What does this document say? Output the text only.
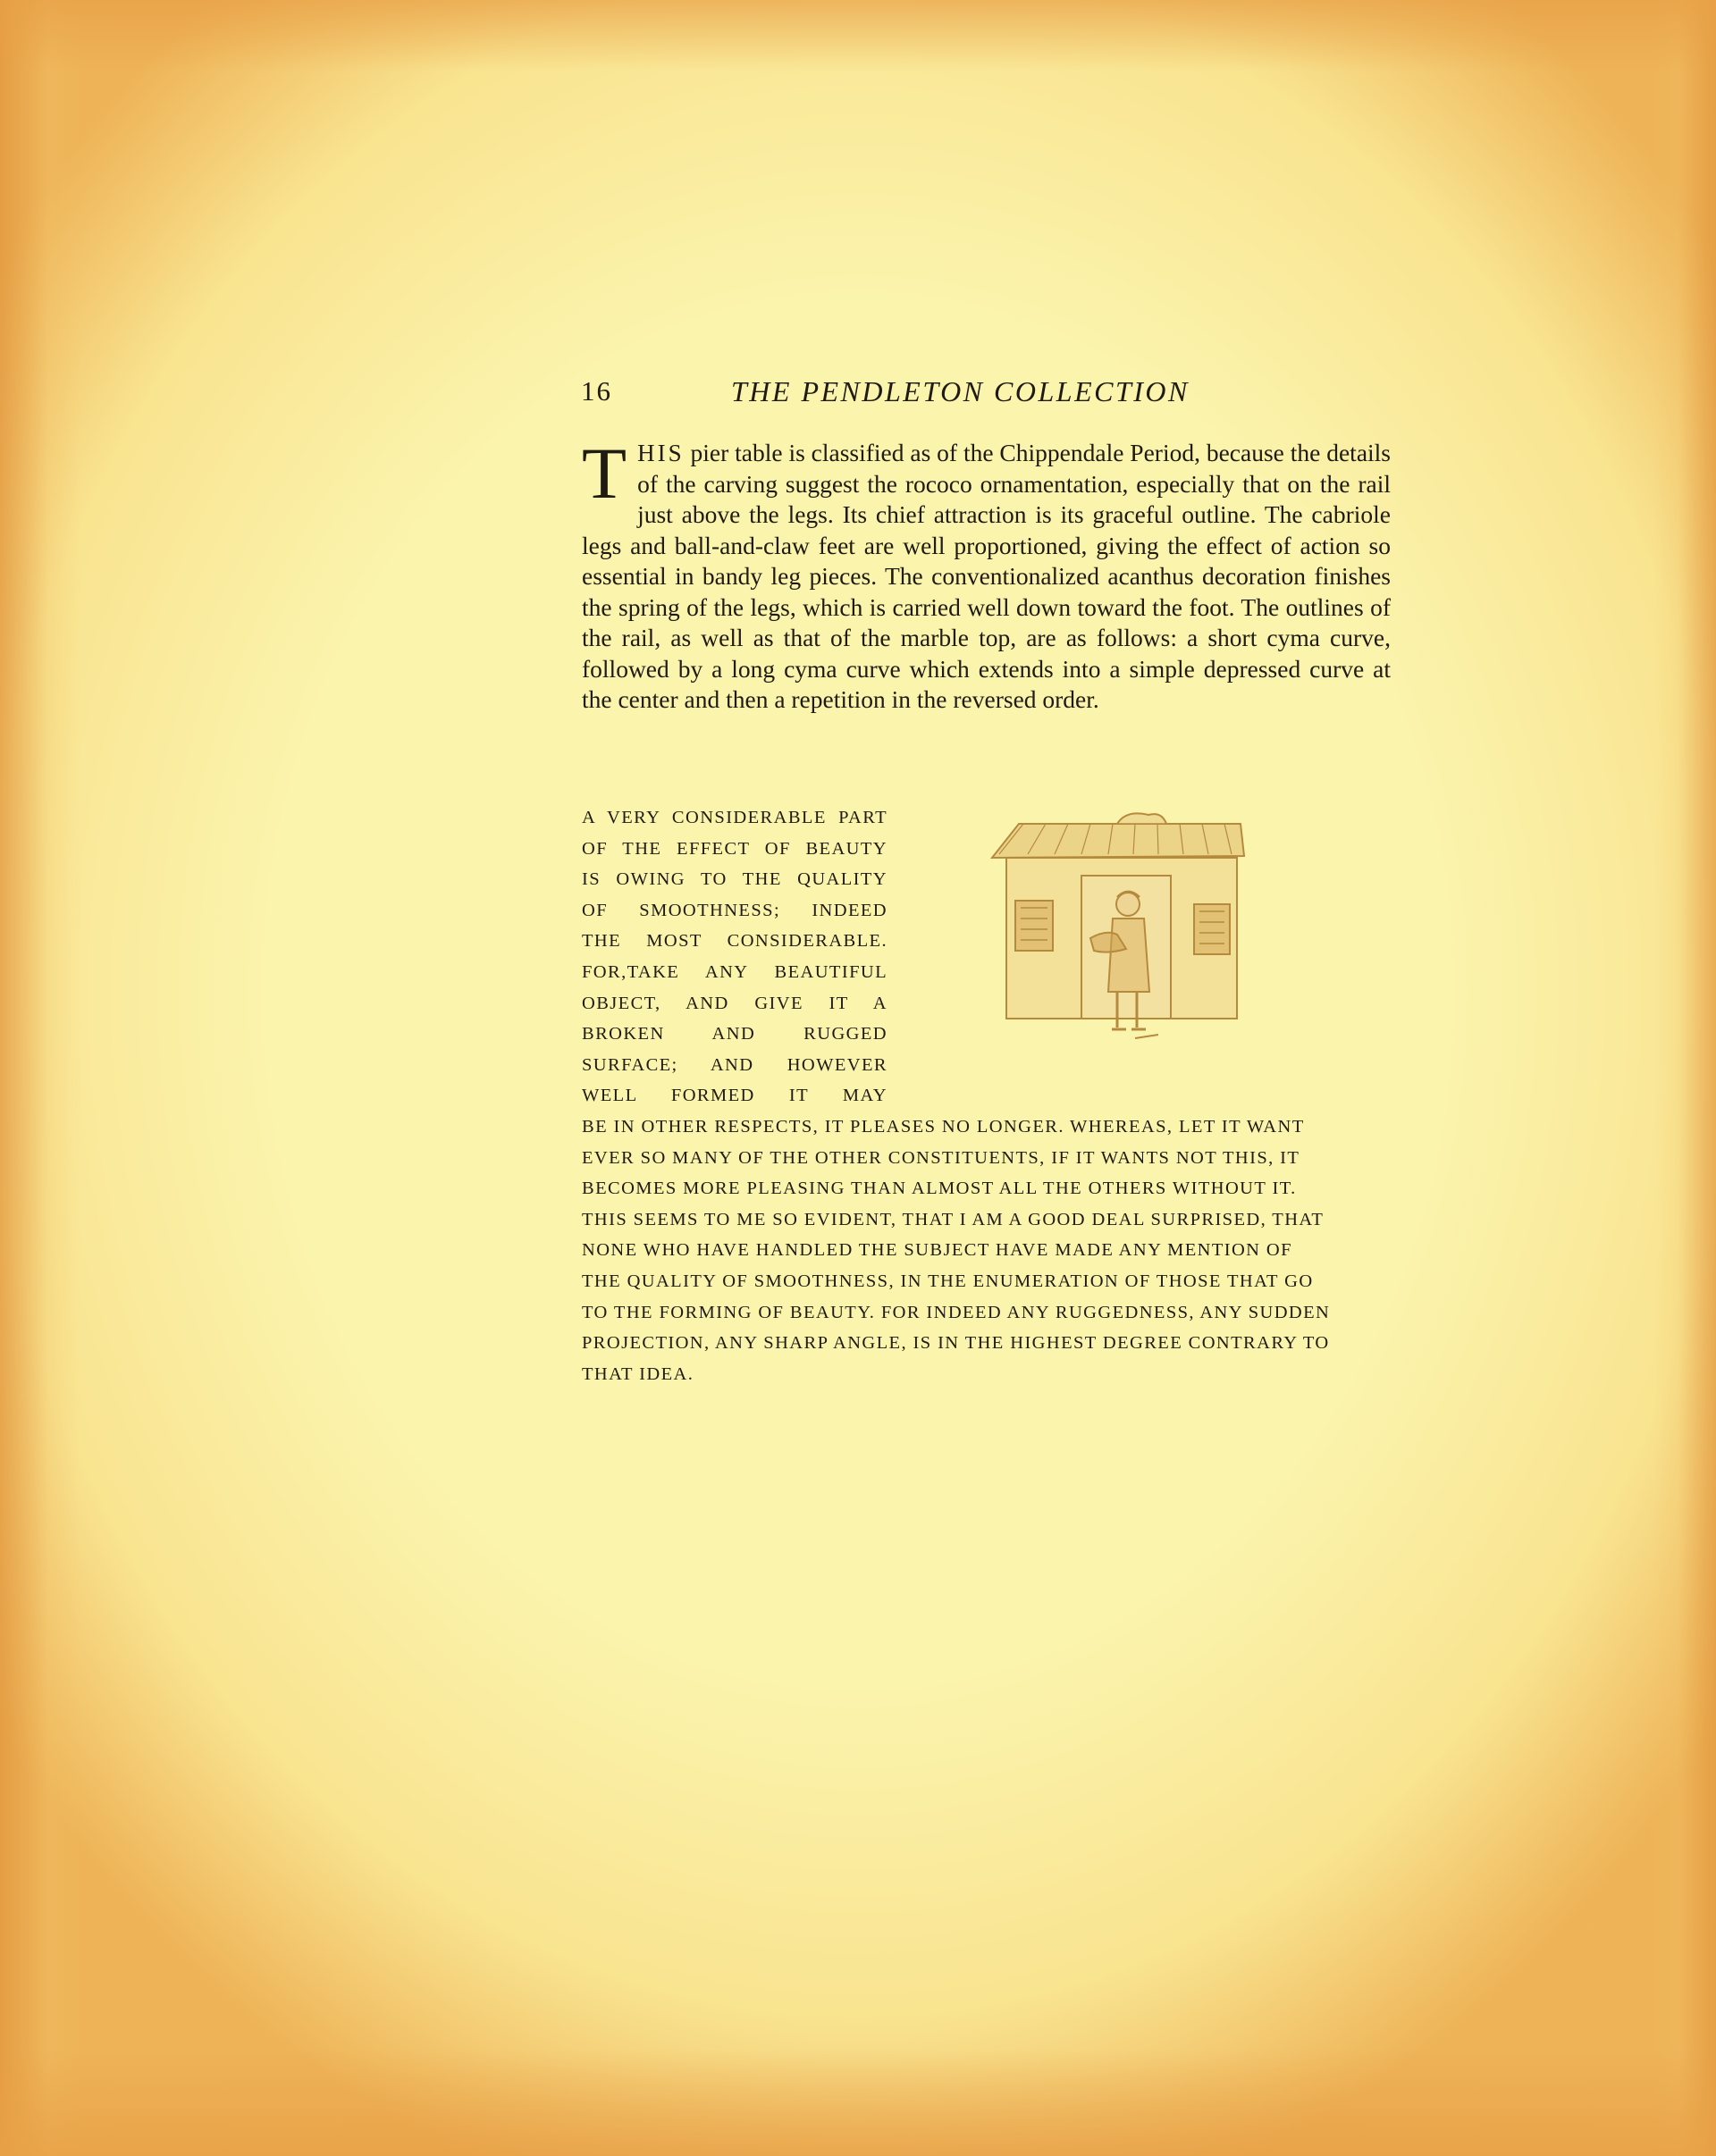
16	THE PENDLETON COLLECTION
T HIS pier table is classified as of the Chippendale Period, because the details of the carving suggest the rococo ornamentation, especially that on the rail just above the legs. Its chief attraction is its graceful outline. The cabriole legs and ball-and-claw feet are well proportioned, giving the effect of action so essential in bandy leg pieces. The conventionalized acanthus decoration finishes the spring of the legs, which is carried well down toward the foot. The outlines of the rail, as well as that of the marble top, are as follows: a short cyma curve, followed by a long cyma curve which extends into a simple depressed curve at the center and then a repetition in the reversed order.
A VERY CONSIDERABLE PART
OF THE EFFECT OF BEAUTY
IS OWING TO THE QUALITY
OF SMOOTHNESS; INDEED
THE MOST CONSIDERABLE.
FOR,TAKE ANY BEAUTIFUL
OBJECT, AND GIVE IT A
BROKEN AND RUGGED
SURFACE; AND HOWEVER
WELL FORMED IT MAY
BE IN OTHER RESPECTS, IT PLEASES NO LONGER. WHEREAS, LET IT WANT
EVER SO MANY OF THE OTHER CONSTITUENTS, IF IT WANTS NOT THIS, IT
BECOMES MORE PLEASING THAN ALMOST ALL THE OTHERS WITHOUT IT.
THIS SEEMS TO ME SO EVIDENT, THAT I AM A GOOD DEAL SURPRISED, THAT
NONE WHO HAVE HANDLED THE SUBJECT HAVE MADE ANY MENTION OF
THE QUALITY OF SMOOTHNESS, IN THE ENUMERATION OF THOSE THAT GO
TO THE FORMING OF BEAUTY. FOR INDEED ANY RUGGEDNESS, ANY SUDDEN
PROJECTION, ANY SHARP ANGLE, IS IN THE HIGHEST DEGREE CONTRARY TO
THAT IDEA.
